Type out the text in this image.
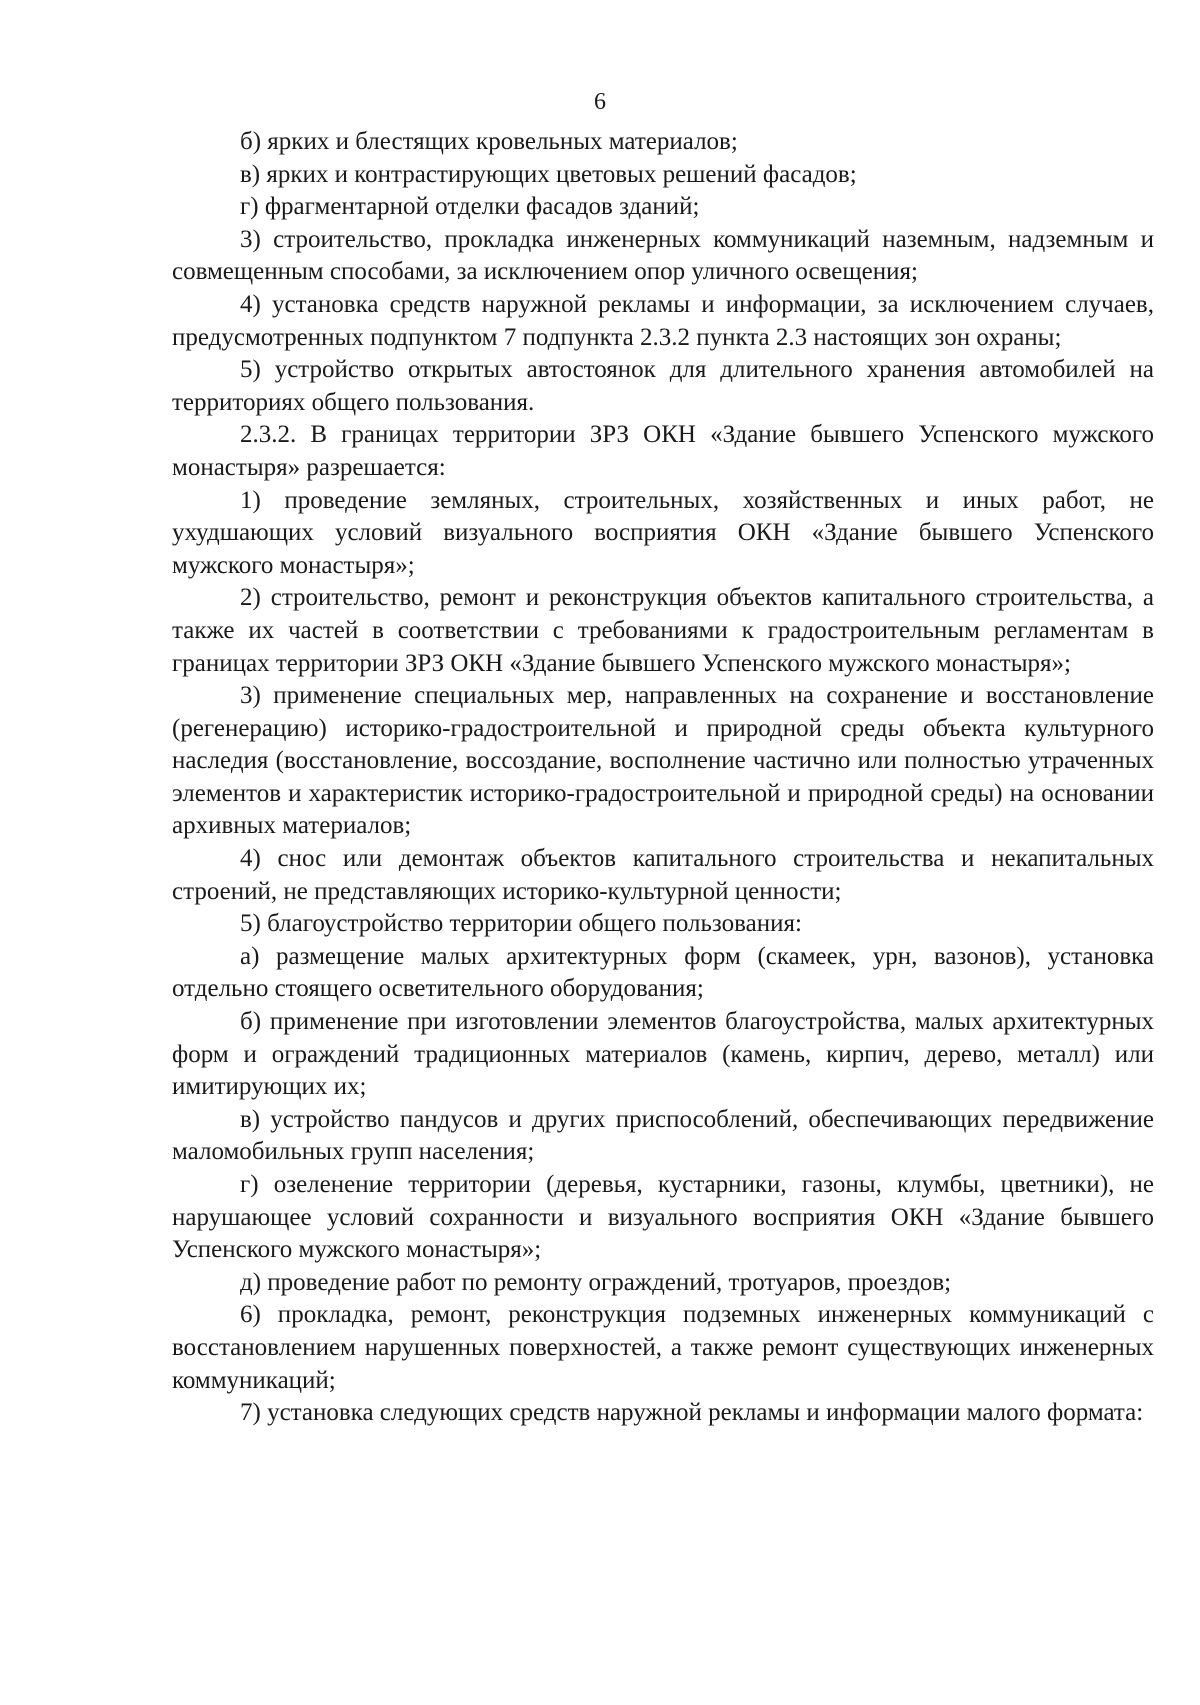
6

б) ярких и блестящих кровельных материалов;

в) ярких и контрастирующих цветовых решений фасадов;

г) фрагментарной отделки фасадов зданий;

3) строительство, прокладка инженерных коммуникаций наземным, надземным и совмещенным способами, за исключением опор уличного освещения;

4) установка средств наружной рекламы и информации, за исключением случаев, предусмотренных подпунктом 7 подпункта 2.3.2 пункта 2.3 настоящих зон охраны;

5) устройство открытых автостоянок для длительного хранения автомобилей на территориях общего пользования.

2.3.2. В границах территории ЗРЗ ОКН «Здание бывшего Успенского мужского монастыря» разрешается:

1) проведение земляных, строительных, хозяйственных и иных работ, не ухудшающих условий визуального восприятия ОКН «Здание бывшего Успенского мужского монастыря»;

2) строительство, ремонт и реконструкция объектов капитального строительства, а также их частей в соответствии с требованиями к градостроительным регламентам в границах территории ЗРЗ ОКН «Здание бывшего Успенского мужского монастыря»;

3) применение специальных мер, направленных на сохранение и восстановление (регенерацию) историко-градостроительной и природной среды объекта культурного наследия (восстановление, воссоздание, восполнение частично или полностью утраченных элементов и характеристик историко-градостроительной и природной среды) на основании архивных материалов;

4) снос или демонтаж объектов капитального строительства и некапитальных строений, не представляющих историко-культурной ценности;

5) благоустройство территории общего пользования:

а) размещение малых архитектурных форм (скамеек, урн, вазонов), установка отдельно стоящего осветительного оборудования;

б) применение при изготовлении элементов благоустройства, малых архитектурных форм и ограждений традиционных материалов (камень, кирпич, дерево, металл) или имитирующих их;

в) устройство пандусов и других приспособлений, обеспечивающих передвижение маломобильных групп населения;

г) озеленение территории (деревья, кустарники, газоны, клумбы, цветники), не нарушающее условий сохранности и визуального восприятия ОКН «Здание бывшего Успенского мужского монастыря»;

д) проведение работ по ремонту ограждений, тротуаров, проездов;

6) прокладка, ремонт, реконструкция подземных инженерных коммуникаций с восстановлением нарушенных поверхностей, а также ремонт существующих инженерных коммуникаций;

7) установка следующих средств наружной рекламы и информации малого формата:
